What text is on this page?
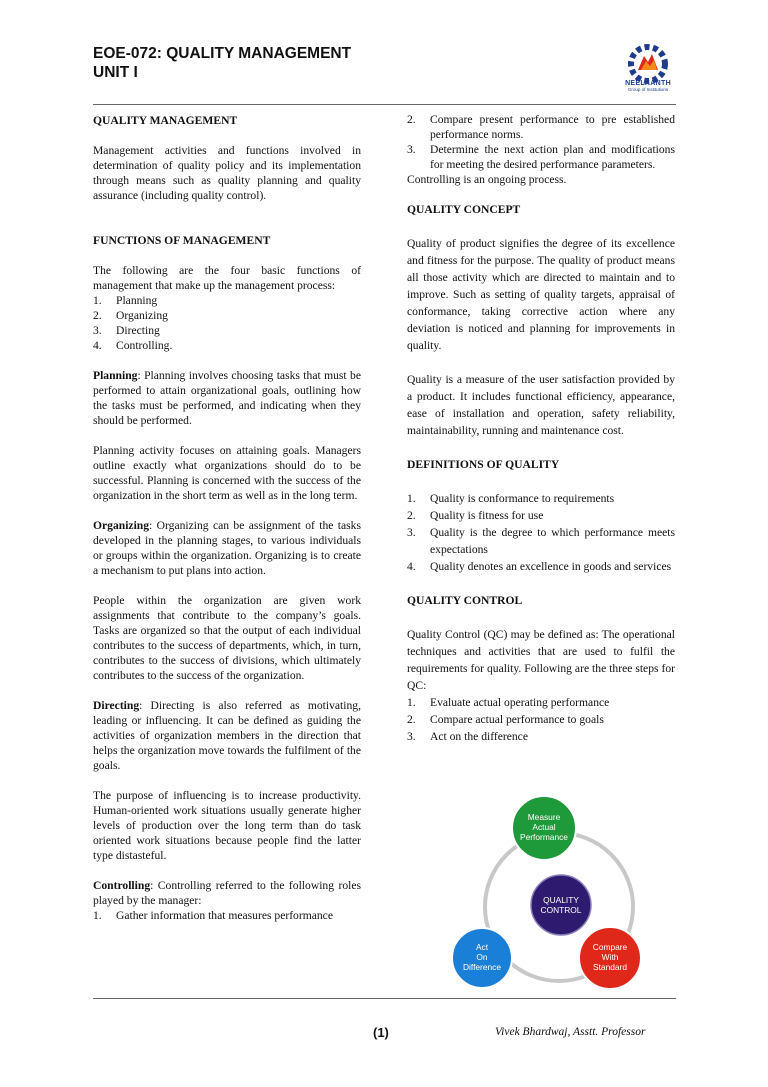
EOE-072: QUALITY MANAGEMENT
UNIT I
NEELKANTH
Group of Institutions

QUALITY MANAGEMENT

Management activities and functions involved in determination of quality policy and its implementation through means such as quality planning and quality assurance (including quality control).

FUNCTIONS OF MANAGEMENT

The following are the four basic functions of management that make up the management process:

1.	Planning
2.	Organizing
3.	Directing
4.	Controlling.

Planning: Planning involves choosing tasks that must be performed to attain organizational goals, outlining how the tasks must be performed, and indicating when they should be performed.

Planning activity focuses on attaining goals. Managers outline exactly what organizations should do to be successful. Planning is concerned with the success of the organization in the short term as well as in the long term.

Organizing: Organizing can be assignment of the tasks developed in the planning stages, to various individuals or groups within the organization. Organizing is to create a mechanism to put plans into action.

People within the organization are given work assignments that contribute to the company’s goals. Tasks are organized so that the output of each individual contributes to the success of departments, which, in turn, contributes to the success of divisions, which ultimately contributes to the success of the organization.

Directing: Directing is also referred as motivating, leading or influencing. It can be defined as guiding the activities of organization members in the direction that helps the organization move towards the fulfilment of the goals.

The purpose of influencing is to increase productivity. Human-oriented work situations usually generate higher levels of production over the long term than do task oriented work situations because people find the latter type distasteful.

Controlling: Controlling referred to the following roles played by the manager:

1.	Gather information that measures performance
2.	Compare present performance to pre established performance norms.
3.	Determine the next action plan and modifications for meeting the desired performance parameters.

Controlling is an ongoing process.

QUALITY CONCEPT

Quality of product signifies the degree of its excellence and fitness for the purpose. The quality of product means all those activity which are directed to maintain and to improve. Such as setting of quality targets, appraisal of conformance, taking corrective action where any deviation is noticed and planning for improvements in quality.

Quality is a measure of the user satisfaction provided by a product. It includes functional efficiency, appearance, ease of installation and operation, safety reliability, maintainability, running and maintenance cost.

DEFINITIONS OF QUALITY

1.	Quality is conformance to requirements
2.	Quality is fitness for use
3.	Quality is the degree to which performance meets expectations
4.	Quality denotes an excellence in goods and services

QUALITY CONTROL

Quality Control (QC) may be defined as: The operational techniques and activities that are used to fulfil the requirements for quality. Following are the three steps for QC:

1.	Evaluate actual operating performance
2.	Compare actual performance to goals
3.	Act on the difference
QUALITY
CONTROL
Measure
Actual
Performance
Compare
With
Standard
Act
On
Difference
(1)	Vivek Bhardwaj, Asstt. Professor
